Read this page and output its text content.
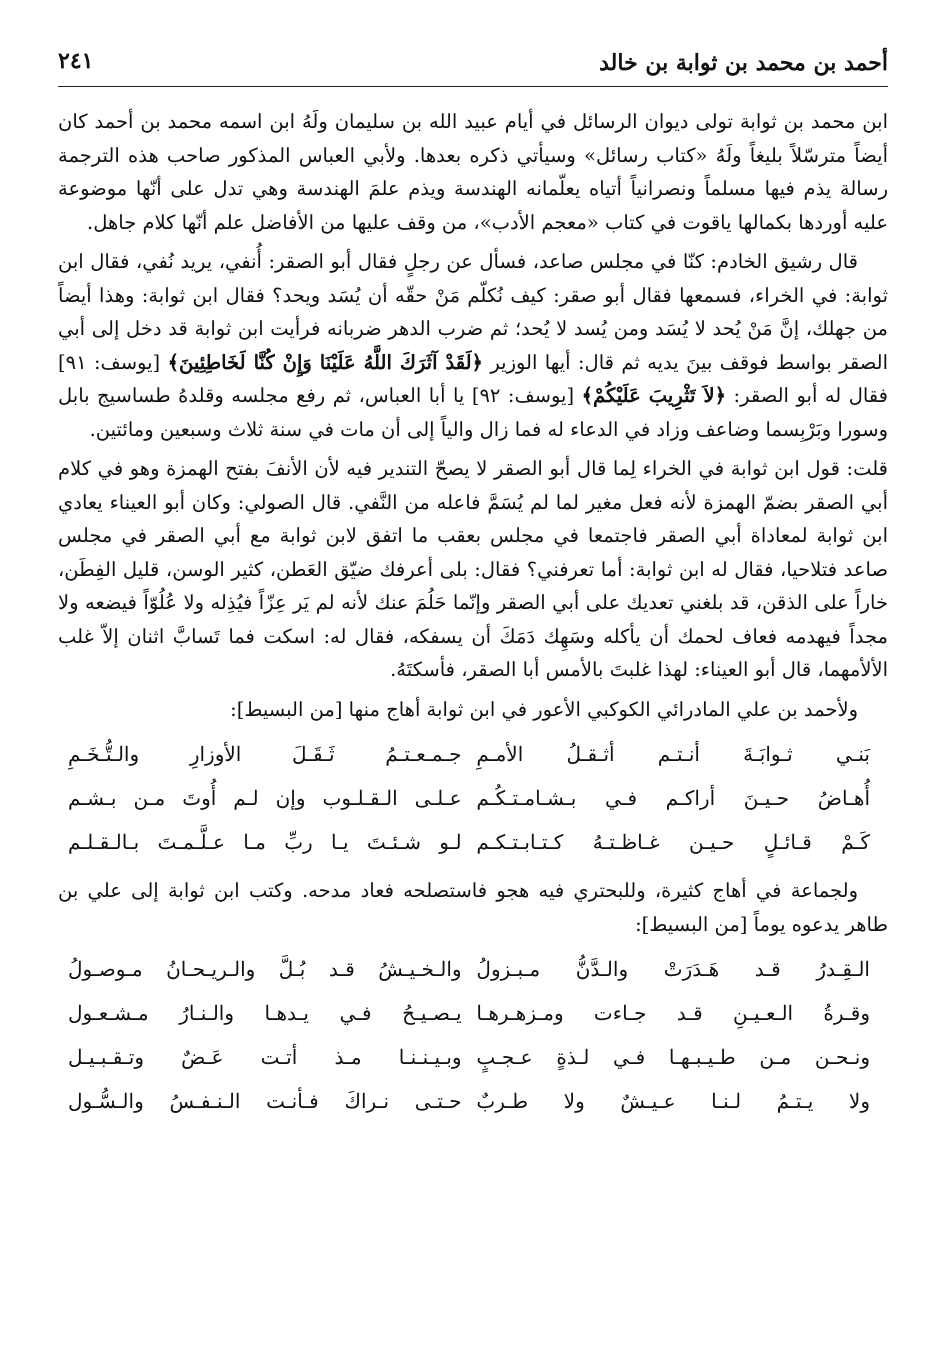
أحمد بن محمد بن ثوابة بن خالد
٢٤١

ابن محمد بن ثوابة تولى ديوان الرسائل في أيام عبيد الله بن سليمان ولَهُ ابن اسمه محمد بن أحمد كان أيضاً مترسّلاً بليغاً ولَهُ «كتاب رسائل» وسيأتي ذكره بعدها. ولأبي العباس المذكور صاحب هذه الترجمة رسالة يذم فيها مسلماً ونصرانياً أتياه يعلّمانه الهندسة ويذم علمَ الهندسة وهي تدل على أنّها موضوعة عليه أوردها بكمالها ياقوت في كتاب «معجم الأدب»، من وقف عليها من الأفاضل علم أنّها كلام جاهل.

قال رشيق الخادم: كنّا في مجلس صاعد، فسأل عن رجلٍ فقال أبو الصقر: أُنفي، يريد نُفي، فقال ابن ثوابة: في الخراء، فسمعها فقال أبو صقر: كيف نُكلّم مَنْ حقّه أن يُسَد ويحد؟ فقال ابن ثوابة: وهذا أيضاً من جهلك، إنَّ مَنْ يُحد لا يُسَد ومن يُسد لا يُحد؛ ثم ضرب الدهر ضربانه فرأيت ابن ثوابة قد دخل إلى أبي الصقر بواسط فوقف بينَ يديه ثم قال: أيها الوزير ﴿لَقَدْ آثَرَكَ اللَّهُ عَلَيْنَا وَإِنْ كُنَّا لَخَاطِئِينَ﴾ [يوسف: ٩١] فقال له أبو الصقر: ﴿لاَ تَثْرِيبَ عَلَيْكُمْ﴾ [يوسف: ٩٢] يا أبا العباس، ثم رفع مجلسه وقلدهُ طساسيج بابل وسورا وبَرْبِسما وضاعف وزاد في الدعاء له فما زال والياً إلى أن مات في سنة ثلاث وسبعين ومائتين.

قلت: قول ابن ثوابة في الخراء لِما قال أبو الصقر لا يصحّ التندير فيه لأن الأنفَ بفتح الهمزة وهو في كلام أبي الصقر بضمّ الهمزة لأنه فعل مغير لما لم يُسَمَّ فاعله من النَّفي. قال الصولي: وكان أبو العيناء يعادي ابن ثوابة لمعاداة أبي الصقر فاجتمعا في مجلس بعقب ما اتفق لابن ثوابة مع أبي الصقر في مجلس صاعد فتلاحيا، فقال له ابن ثوابة: أما تعرفني؟ فقال: بلى أعرفك ضيّق العَطن، كثير الوسن، قليل الفِطَن، خاراً على الذقن، قد بلغني تعديك على أبي الصقر وإنّما حَلُمَ عنك لأنه لم يَر عِزّاً فيُذِله ولا عُلُوّاً فيضعه ولا مجداً فيهدمه فعاف لحمك أن يأكله وسَهِك دَمَكَ أن يسفكه، فقال له: اسكت فما تَسابَّ اثنان إلاّ غلب الألأمهما، قال أبو العيناء: لهذا غلبتَ بالأمس أبا الصقر، فأسكتَهُ.

ولأحمد بن علي المادرائي الكوكبي الأعور في ابن ثوابة أهاج منها [من البسيط]:

بَنـي ثـوابَـةَ أنـتـم أثـقـلُ الأمـمِ
جـمـعـتـمُ ثَـقَـلَ الأوزارِ والـتُّـخَـمِ
أُهـاضُ حـيـنَ أراكـم فـي بـشـامـتـكُـم
عـلـى الـقـلـوب وإن لـم أُوتَ مـن بـشـم
كَـمْ قـائـلٍ حـيـن غـاظـتـهُ كـتـابـتـكـم
لـو شـئـتَ يـا ربِّ مـا عـلَّـمـتَ بـالـقـلـم

ولجماعة في أهاج كثيرة، وللبحتري فيه هجو فاستصلحه فعاد مدحه. وكتب ابن ثوابة إلى علي بن طاهر يدعوه يوماً [من البسيط]:

الـقِـدرُ قـد هَـدَرَتْ والـدَّنُّ مـبـزولُ
والـخـيـشُ قـد بُـلَّ والـريـحـانُ مـوصـولُ
وقـرةُ الـعـيـنِ قـد جـاءت ومـزهـرهـا
يـصـيـحُ فـي يـدهـا والـنـارُ مـشـعـول
ونـحـن مـن طـيـبـهـا فـي لـذةٍ عـجـبٍ
وبـيـنـنـا مـذ أتـت عَـضٌ وتـقـبـيـل
ولا يـتـمُ لـنـا عـيـشٌ ولا طـربٌ
حـتـى نـراكَ فـأنـت الـنـفـسُ والـسُّـول
